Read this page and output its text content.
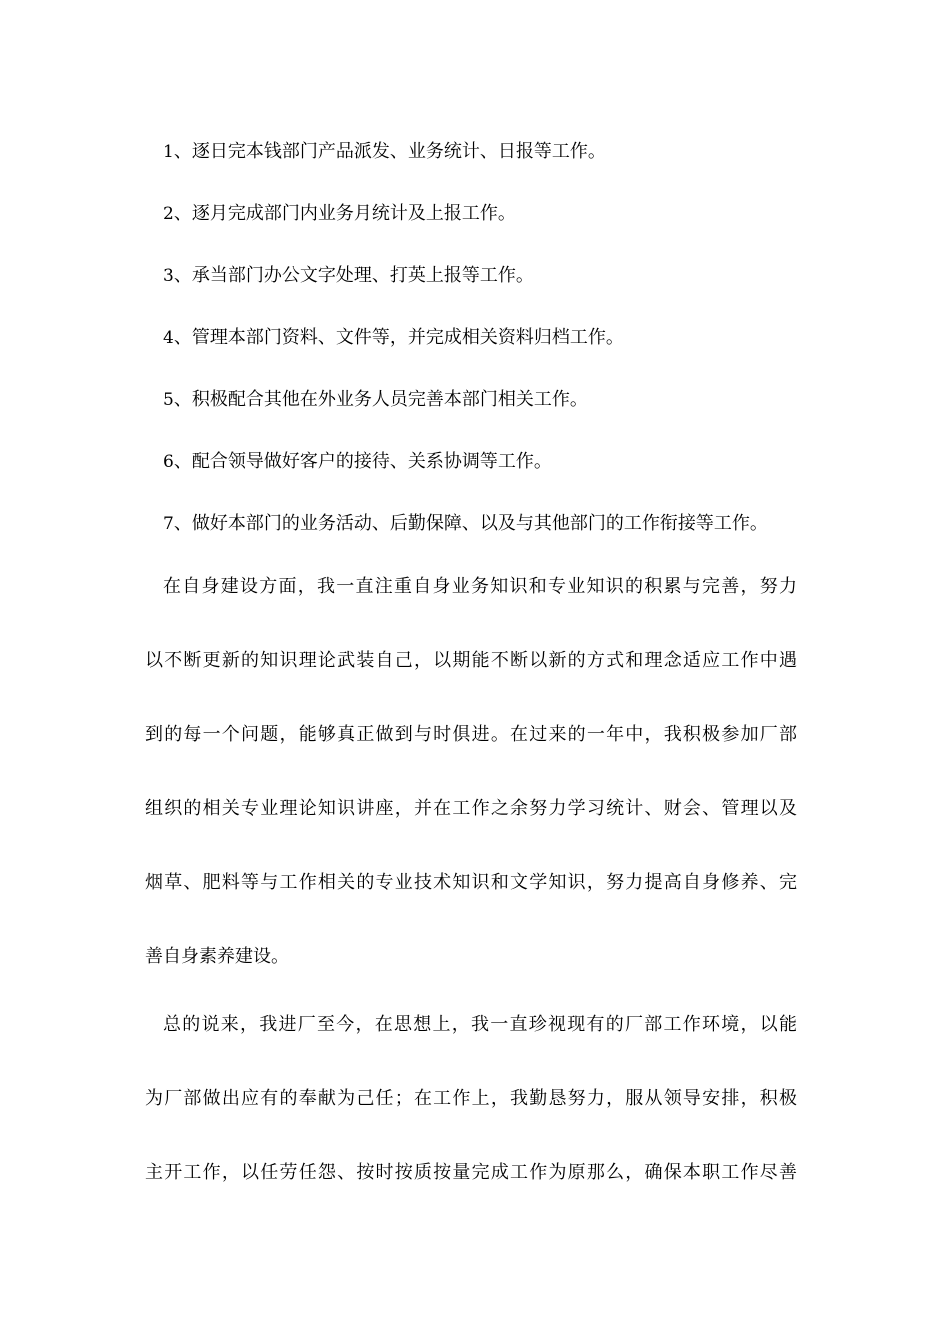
1、逐日完本钱部门产品派发、业务统计、日报等工作。
2、逐月完成部门内业务月统计及上报工作。
3、承当部门办公文字处理、打英上报等工作。
4、管理本部门资料、文件等，并完成相关资料归档工作。
5、积极配合其他在外业务人员完善本部门相关工作。
6、配合领导做好客户的接待、关系协调等工作。
7、做好本部门的业务活动、后勤保障、以及与其他部门的工作衔接等工作。
在自身建设方面，我一直注重自身业务知识和专业知识的积累与完善，努力
以不断更新的知识理论武装自己，以期能不断以新的方式和理念适应工作中遇
到的每一个问题，能够真正做到与时俱进。在过来的一年中，我积极参加厂部
组织的相关专业理论知识讲座，并在工作之余努力学习统计、财会、管理以及
烟草、肥料等与工作相关的专业技术知识和文学知识，努力提高自身修养、完
善自身素养建设。
总的说来，我进厂至今，在思想上，我一直珍视现有的厂部工作环境，以能
为厂部做出应有的奉献为己任；在工作上，我勤恳努力，服从领导安排，积极
主开工作，以任劳任怨、按时按质按量完成工作为原那么，确保本职工作尽善
